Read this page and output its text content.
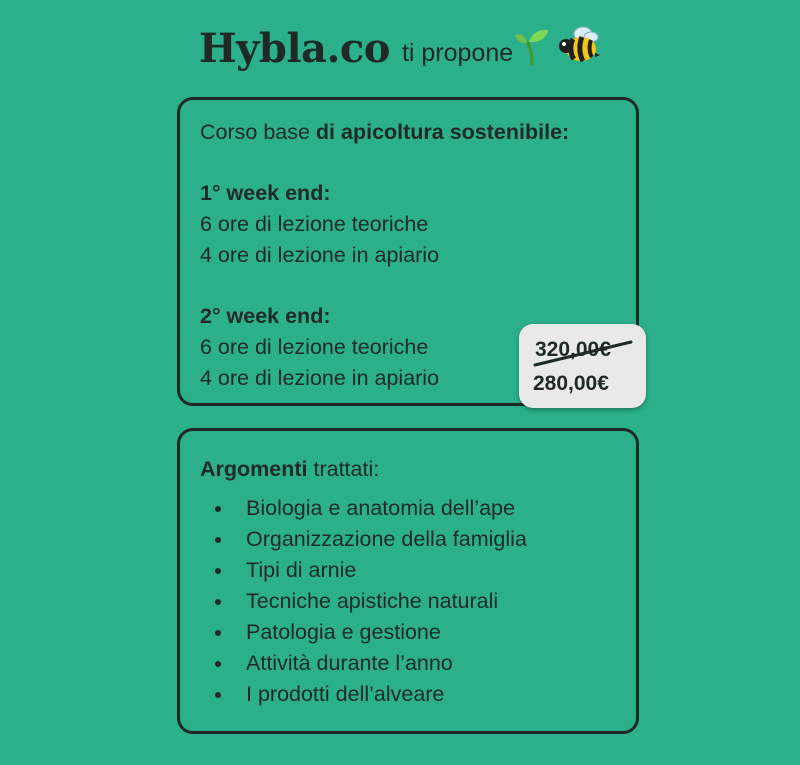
Hybla.co ti propone
Corso base di apicoltura sostenibile:
1° week end:
6 ore di lezione teoriche
4 ore di lezione in apiario
2° week end:
6 ore di lezione teoriche
4 ore di lezione in apiario
320,00€
280,00€
Argomenti trattati:
Biologia e anatomia dell’ape
Organizzazione della famiglia
Tipi di arnie
Tecniche apistiche naturali
Patologia e gestione
Attività durante l’anno
I prodotti dell’alveare
